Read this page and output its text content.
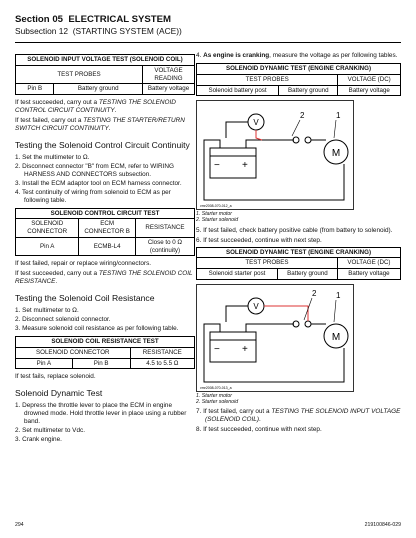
Section 05 ELECTRICAL SYSTEM
Subsection 12 (STARTING SYSTEM (ACE))
SOLENOID INPUT VOLTAGE TEST (SOLENOID COIL)		
TEST PROBES		VOLTAGE READING
Pin B	Battery ground	Battery voltage

If test succeeded, carry out a TESTING THE SOLENOID CONTROL CIRCUIT CONTINUITY.

If test failed, carry out a TESTING THE STARTER/RETURN SWITCH CIRCUIT CONTINUITY.

Testing the Solenoid Control Circuit Continuity
1. Set the multimeter to Ω.
2. Disconnect connector "B" from ECM, refer to WIRING HARNESS AND CONNECTORS subsection.
3. Install the ECM adaptor tool on ECM harness connector.
4. Test continuity of wiring from solenoid to ECM as per following table.
SOLENOID CONTROL CIRCUIT TEST		
SOLENOID CONNECTOR	ECM CONNECTOR B	RESISTANCE
Pin A	ECMB-L4	Close to 0 Ω (continuity)

If test failed, repair or replace wiring/connectors.

If test succeeded, carry out a TESTING THE SOLENOID COIL RESISTANCE.

Testing the Solenoid Coil Resistance
1. Set multimeter to Ω.
2. Disconnect solenoid connector.
3. Measure solenoid coil resistance as per following table.
SOLENOID COIL RESISTANCE TEST		
SOLENOID CONNECTOR		RESISTANCE
Pin A	Pin B	4.5 to 5.5 Ω

If test fails, replace solenoid.

Solenoid Dynamic Test
1. Depress the throttle lever to place the ECM in engine drowned mode. Hold throttle lever in place using a rubber band.
2. Set multimeter to Vdc.
3. Crank engine.

4. As engine is cranking, measure the voltage as per following tables.

SOLENOID DYNAMIC TEST (ENGINE CRANKING)		
TEST PROBES		VOLTAGE (DC)
Solenoid battery post	Battery ground	Battery voltage
V
2	1
M
− +
vmr2008-070-012_a
1. Starter motor
2. Starter solenoid

5. If test failed, check battery positive cable (from battery to solenoid).

6. If test succeeded, continue with next step.

SOLENOID DYNAMIC TEST (ENGINE CRANKING)		
TEST PROBES		VOLTAGE (DC)
Solenoid starter post	Battery ground	Battery voltage
V
2 1
M
− +
vmr2008-070-013_a
1. Starter motor
2. Starter solenoid

7. If test failed, carry out a TESTING THE SOLENOID INPUT VOLTAGE (SOLENOID COIL).

8. If test succeeded, continue with next step.

294	219100846-029
